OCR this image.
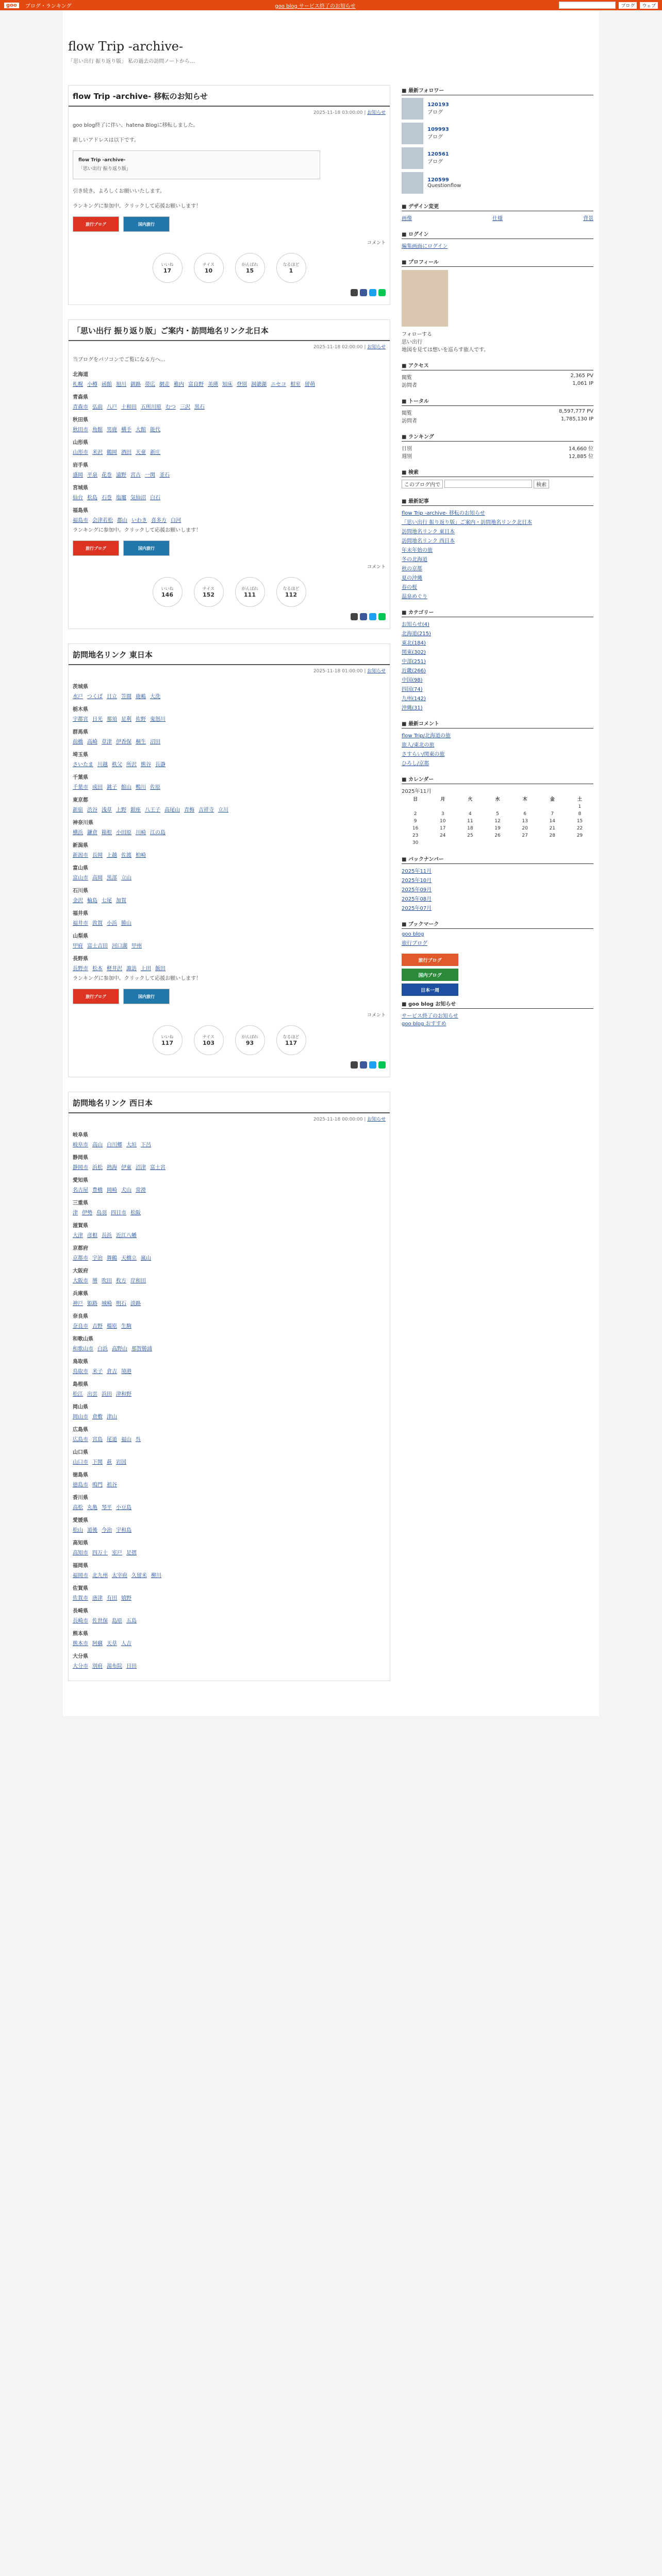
goo	ブログ・ランキング	goo blog サービス終了のお知らせ	ブログ	ウェブ
flow Trip -archive-

「思い出行 振り返り版」 私の過去の訪問ノートから…

flow Trip -archive- 移転のお知らせ
2025-11-18 03:00:00 | お知らせ

goo blog終了に伴い、hatena Blogに移転しました。

新しいアドレスは以下です。

flow Trip -archive-
「思い出行 振り返り版」

引き続き、よろしくお願いいたします。

ランキングに参加中。クリックして応援お願いします！

旅行ブログ	国内旅行
コメント
いいね
17
ナイス
10
がんばれ
15
なるほど
1
「思い出行 振り返り版」ご案内・訪問地名リンク北日本
2025-11-18 02:00:00 | お知らせ

当ブログをパソコンでご覧になる方へ…

北海道
札幌 小樽 函館 旭川 釧路 帯広 網走 稚内 富良野 美瑛 知床 登別 洞爺湖 ニセコ 根室 留萌
青森県
青森市 弘前 八戸 十和田 五所川原 むつ 三沢 黒石
秋田県
秋田市 角館 男鹿 横手 大館 能代
山形県
山形市 米沢 鶴岡 酒田 天童 新庄
岩手県
盛岡 平泉 花巻 遠野 宮古 一関 釜石
宮城県
仙台 松島 石巻 塩竈 気仙沼 白石
福島県
福島市 会津若松 郡山 いわき 喜多方 白河

ランキングに参加中。クリックして応援お願いします！

旅行ブログ	国内旅行
コメント
いいね
146
ナイス
152
がんばれ
111
なるほど
112
訪問地名リンク 東日本
2025-11-18 01:00:00 | お知らせ
茨城県
水戸 つくば 日立 笠間 鹿嶋 大洗
栃木県
宇都宮 日光 那須 足利 佐野 鬼怒川
群馬県
前橋 高崎 草津 伊香保 桐生 沼田
埼玉県
さいたま 川越 秩父 所沢 熊谷 長瀞
千葉県
千葉市 成田 銚子 館山 鴨川 佐原
東京都
新宿 渋谷 浅草 上野 銀座 八王子 高尾山 青梅 吉祥寺 立川
神奈川県
横浜 鎌倉 箱根 小田原 川崎 江の島
新潟県
新潟市 長岡 上越 佐渡 柏崎
富山県
富山市 高岡 黒部 立山
石川県
金沢 輪島 七尾 加賀
福井県
福井市 敦賀 小浜 勝山
山梨県
甲府 富士吉田 河口湖 甲州
長野県
長野市 松本 軽井沢 諏訪 上田 飯田

ランキングに参加中。クリックして応援お願いします！

旅行ブログ	国内旅行
コメント
いいね
117
ナイス
103
がんばれ
93
なるほど
117
訪問地名リンク 西日本
2025-11-18 00:00:00 | お知らせ
岐阜県
岐阜市 高山 白川郷 大垣 下呂
静岡県
静岡市 浜松 熱海 伊東 沼津 富士宮
愛知県
名古屋 豊橋 岡崎 犬山 常滑
三重県
津 伊勢 鳥羽 四日市 松阪
滋賀県
大津 彦根 長浜 近江八幡
京都府
京都市 宇治 舞鶴 天橋立 嵐山
大阪府
大阪市 堺 吹田 枚方 岸和田
兵庫県
神戸 姫路 城崎 明石 淡路
奈良県
奈良市 吉野 橿原 生駒
和歌山県
和歌山市 白浜 高野山 那智勝浦
鳥取県
鳥取市 米子 倉吉 境港
島根県
松江 出雲 浜田 津和野
岡山県
岡山市 倉敷 津山
広島県
広島市 宮島 尾道 福山 呉
山口県
山口市 下関 萩 岩国
徳島県
徳島市 鳴門 祖谷
香川県
高松 丸亀 琴平 小豆島
愛媛県
松山 道後 今治 宇和島
高知県
高知市 四万十 室戸 足摺
福岡県
福岡市 北九州 太宰府 久留米 柳川
佐賀県
佐賀市 唐津 有田 嬉野
長崎県
長崎市 佐世保 島原 五島
熊本県
熊本市 阿蘇 天草 人吉
大分県
大分市 別府 湯布院 日田
■ 最新フォロワー
120193
ブログ
109993
ブログ
120561
ブログ
120599
Questionflow
■ デザイン変更
画像	仕様	背景
■ ログイン
編集画面にログイン
■ プロフィール
フォローする
思い出行

地図を見ては想いを巡らす旅人です。

■ アクセス
閲覧	2,365 PV
訪問者	1,061 IP
■ トータル
閲覧	8,597,777 PV
訪問者	1,785,130 IP
■ ランキング
日別	14,660 位
週別	12,885 位
■ 検索
このブログ内で	検索
■ 最新記事
flow Trip -archive- 移転のお知らせ
「思い出行 振り返り版」ご案内・訪問地名リンク北日本
訪問地名リンク 東日本
訪問地名リンク 西日本
年末年始の旅
冬の北海道
秋の京都
夏の沖縄
春の桜
温泉めぐり
■ カテゴリー
お知らせ(4)
北海道(215)
東北(184)
関東(302)
中部(251)
近畿(266)
中国(98)
四国(74)
九州(142)
沖縄(31)
■ 最新コメント
flow Trip/北海道の旅
旅人/東北の旅
さすらい/関東の旅
ひろし/京都
■ カレンダー
2025年11月
日	月	火	水	木	金	土
						1
2	3	4	5	6	7	8
9	10	11	12	13	14	15
16	17	18	19	20	21	22
23	24	25	26	27	28	29
30						
■ バックナンバー
2025年11月
2025年10月
2025年09月
2025年08月
2025年07月
■ ブックマーク
goo blog
旅行ブログ
旅行ブログ
国内ブログ
日本一周
■ goo blog お知らせ
サービス終了のお知らせ
goo blog おすすめ
